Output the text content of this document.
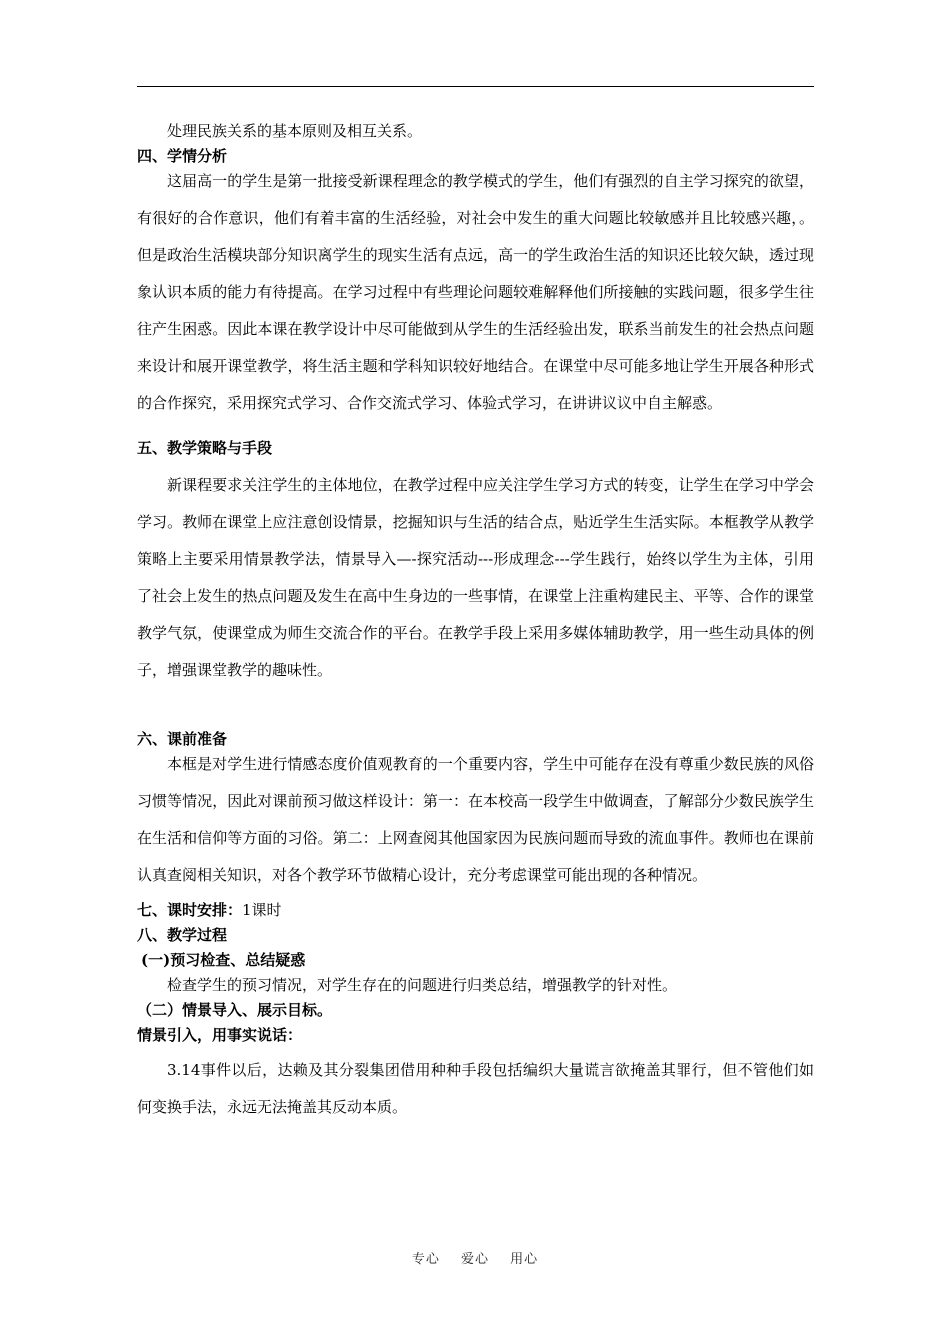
处理民族关系的基本原则及相互关系。

四、学情分析

这届高一的学生是第一批接受新课程理念的教学模式的学生，他们有强烈的自主学习探究的欲望，有很好的合作意识，他们有着丰富的生活经验，对社会中发生的重大问题比较敏感并且比较感兴趣，。但是政治生活模块部分知识离学生的现实生活有点远，高一的学生政治生活的知识还比较欠缺，透过现象认识本质的能力有待提高。在学习过程中有些理论问题较难解释他们所接触的实践问题，很多学生往往产生困惑。因此本课在教学设计中尽可能做到从学生的生活经验出发，联系当前发生的社会热点问题来设计和展开课堂教学，将生活主题和学科知识较好地结合。在课堂中尽可能多地让学生开展各种形式的合作探究，采用探究式学习、合作交流式学习、体验式学习，在讲讲议议中自主解惑。

五、教学策略与手段

新课程要求关注学生的主体地位，在教学过程中应关注学生学习方式的转变，让学生在学习中学会学习。教师在课堂上应注意创设情景，挖掘知识与生活的结合点，贴近学生生活实际。本框教学从教学策略上主要采用情景教学法，情景导入—-探究活动---形成理念---学生践行，始终以学生为主体，引用了社会上发生的热点问题及发生在高中生身边的一些事情，在课堂上注重构建民主、平等、合作的课堂教学气氛，使课堂成为师生交流合作的平台。在教学手段上采用多媒体辅助教学，用一些生动具体的例子，增强课堂教学的趣味性。

六、课前准备

本框是对学生进行情感态度价值观教育的一个重要内容，学生中可能存在没有尊重少数民族的风俗习惯等情况，因此对课前预习做这样设计：第一：在本校高一段学生中做调查，了解部分少数民族学生在生活和信仰等方面的习俗。第二：上网查阅其他国家因为民族问题而导致的流血事件。教师也在课前认真查阅相关知识，对各个教学环节做精心设计，充分考虑课堂可能出现的各种情况。

七、课时安排：1课时

八、教学过程

(一)预习检查、总结疑惑

检查学生的预习情况，对学生存在的问题进行归类总结，增强教学的针对性。

（二）情景导入、展示目标。

情景引入，用事实说话：

3.14事件以后，达赖及其分裂集团借用种种手段包括编织大量谎言欲掩盖其罪行，但不管他们如何变换手法，永远无法掩盖其反动本质。

专心 爱心 用心
